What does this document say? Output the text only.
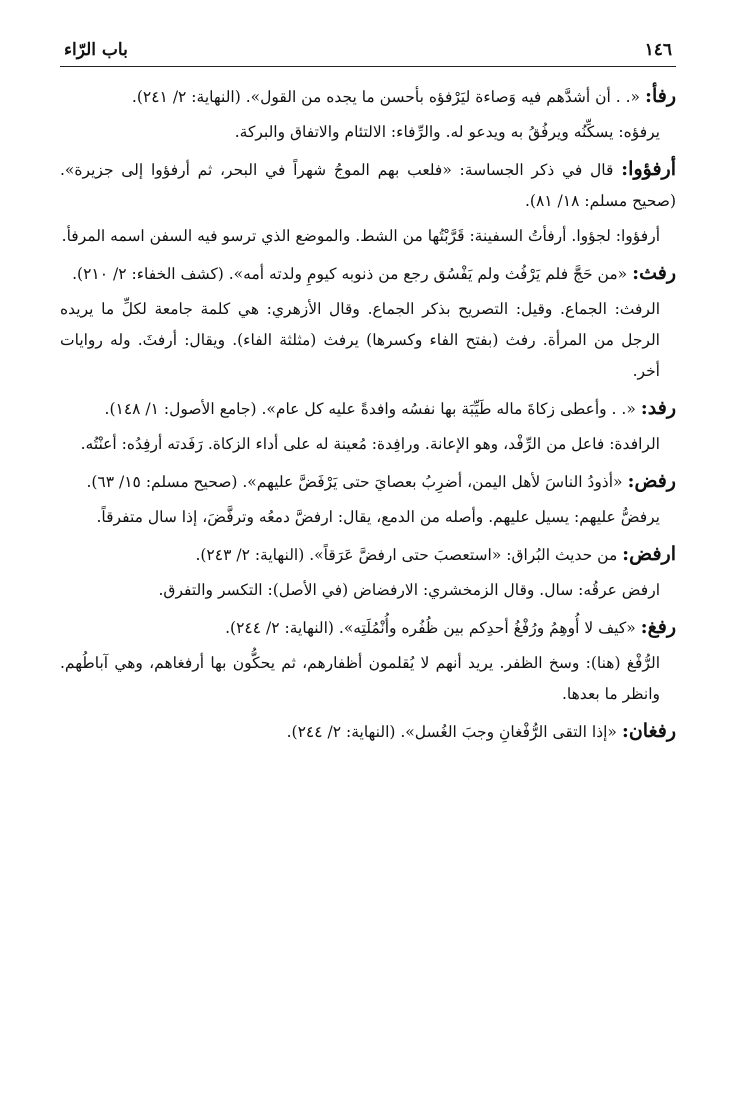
١٤٦
باب الرّاء

رفأ: «. . أن أشدَّهم فيه وَصاءة ليَرْفؤه بأحسن ما يجده من القول». (النهاية: ٢/ ٢٤١).

يرفؤه: يسكِّنُه ويرفُقُ به ويدعو له. والرِّفاء: الالتئام والاتفاق والبركة.

أرفؤوا: قال في ذكر الجساسة: «فلعب بهم الموجُ شهراً في البحر، ثم أرفؤوا إلى جزيرة». (صحيح مسلم: ١٨/ ٨١).

أرفؤوا: لجؤوا. أرفأتُ السفينة: قَرَّبْتُها من الشط. والموضع الذي ترسو فيه السفن اسمه المرفأ.

رفث: «من حَجَّ فلم يَرْفُث ولم يَفْسُق رجع من ذنوبه كيومِ ولدته أمه». (كشف الخفاء: ٢/ ٢١٠).

الرفث: الجماع. وقيل: التصريح بذكر الجماع. وقال الأزهري: هي كلمة جامعة لكلِّ ما يريده الرجل من المرأة. رفث (بفتح الفاء وكسرها) يرفث (مثلثة الفاء). ويقال: أرفثَ. وله روايات أخر.

رفد: «. . وأعطى زكاةَ ماله طَيِّبَة بها نفسُه وافدةً عليه كل عام». (جامع الأصول: ١/ ١٤٨).

الرافدة: فاعل من الرِّفْد، وهو الإعانة. ورافِدة: مُعينة له على أداء الزكاة. رَفَدته أرفِدُه: أعنْتُه.

رفض: «أذودُ الناسَ لأهل اليمن، أضرِبُ بعصايَ حتى يَرْفَضَّ عليهم». (صحيح مسلم: ١٥/ ٦٣).

يرفضُّ عليهم: يسيل عليهم. وأصله من الدمع، يقال: ارفضَّ دمعُه وترفَّضَ، إذا سال متفرقاً.

ارفض: من حديث البُراق: «استعصبَ حتى ارفضَّ عَرَقاً». (النهاية: ٢/ ٢٤٣).

ارفض عرقُه: سال. وقال الزمخشري: الارفضاض (في الأصل): التكسر والتفرق.

رفغ: «كيف لا أُوهِمُ ورُفْغُ أحدِكم بين ظُفُره وأُنْمُلَتِه». (النهاية: ٢/ ٢٤٤).

الرُّفْغ (هنا): وسخ الظفر. يريد أنهم لا يُقلمون أظفارهم، ثم يحكُّون بها أرفغاهم، وهي آباطُهم. وانظر ما بعدها.

رفغان: «إذا التقى الرُّفْغانِ وجبَ الغُسل». (النهاية: ٢/ ٢٤٤).
